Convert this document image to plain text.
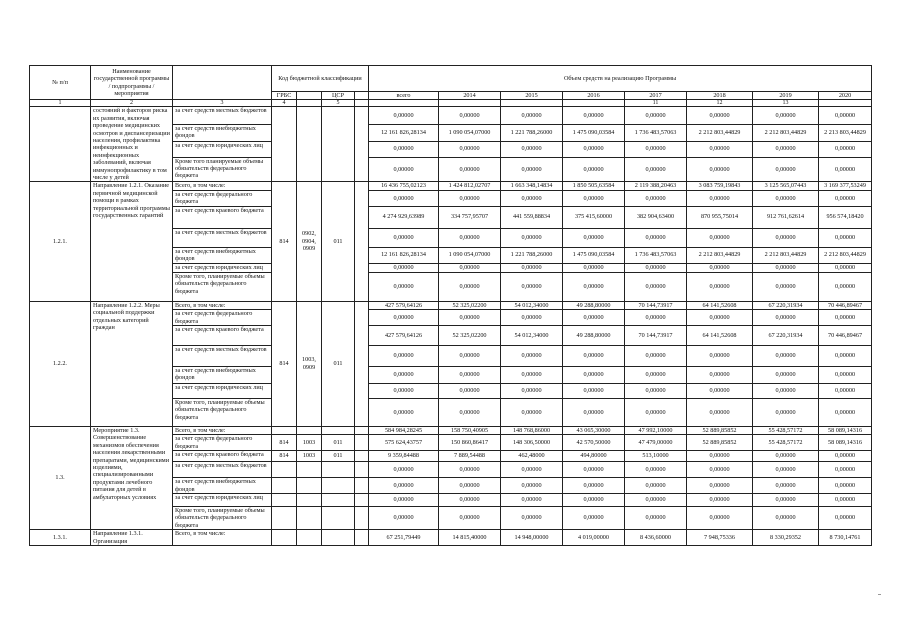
№ п/п	Наименование государственной программы / подпрограммы / мероприятия		Код бюджетной классификации				Объем средств на реализацию Программы							
			ГРБС		ЦСР		всего	2014	2015	2016	2017	2018	2019	2020
1	2	3	4		5						11	12	13	
	состояний и факторов риска их развития, включая проведение медицинских осмотров и диспансеризации населения, профилактика инфекционных и неинфекционных заболеваний, включая иммунопрофилактику в том числе у детей	за счет средств местных бюджетов					0,00000	0,00000	0,00000	0,00000	0,00000	0,00000	0,00000	0,00000
		за счет средств внебюджетных фондов					12 161 826,28134	1 090 054,07000	1 221 788,26000	1 475 090,03584	1 736 483,57063	2 212 803,44829	2 212 803,44829	2 213 803,44829
		за счет средств юридических лиц					0,00000	0,00000	0,00000	0,00000	0,00000	0,00000	0,00000	0,00000
		Кроме того планируемые объемы обязательств федерального бюджета					0,00000	0,00000	0,00000	0,00000	0,00000	0,00000	0,00000	0,00000
1.2.1.	Направление 1.2.1. Оказание первичной медицинской помощи в рамках территориальной программы государственных гарантий	Всего, в том числе:	814	0902, 0904, 0909	011		16 436 755,02123	1 424 812,02707	1 663 348,14834	1 850 505,63584	2 119 388,20463	3 083 759,19843	3 125 565,07443	3 169 377,53249
		за счет средств федерального бюджета					0,00000	0,00000	0,00000	0,00000	0,00000	0,00000	0,00000	0,00000
		за счет средств краевого бюджета					4 274 929,63989	334 757,95707	441 559,88834	375 415,60000	382 904,63400	870 955,75014	912 761,62614	956 574,18420
		за счет средств местных бюджетов					0,00000	0,00000	0,00000	0,00000	0,00000	0,00000	0,00000	0,00000
		за счет средств внебюджетных фондов					12 161 826,28134	1 090 054,07000	1 221 788,26000	1 475 090,03584	1 736 483,57063	2 212 803,44829	2 212 803,44829	2 212 803,44829
		за счет средств юридических лиц					0,00000	0,00000	0,00000	0,00000	0,00000	0,00000	0,00000	0,00000
		Кроме того, планируемые объемы обязательств федерального бюджета					0,00000	0,00000	0,00000	0,00000	0,00000	0,00000	0,00000	0,00000
1.2.2.	Направление 1.2.2. Меры социальной поддержки отдельных категорий граждан	Всего, в том числе:	814	1003, 0909	011		427 579,64126	52 325,02200	54 012,34000	49 288,80000	70 144,73917	64 141,52608	67 220,31934	70 446,89467
		за счет средств федерального бюджета					0,00000	0,00000	0,00000	0,00000	0,00000	0,00000	0,00000	0,00000
		за счет средств краевого бюджета					427 579,64126	52 325,02200	54 012,34000	49 288,80000	70 144,73917	64 141,52608	67 220,31934	70 446,89467
		за счет средств местных бюджетов					0,00000	0,00000	0,00000	0,00000	0,00000	0,00000	0,00000	0,00000
		за счет средств внебюджетных фондов					0,00000	0,00000	0,00000	0,00000	0,00000	0,00000	0,00000	0,00000
		за счет средств юридических лиц					0,00000	0,00000	0,00000	0,00000	0,00000	0,00000	0,00000	0,00000
		Кроме того, планируемые объемы обязательств федерального бюджета					0,00000	0,00000	0,00000	0,00000	0,00000	0,00000	0,00000	0,00000
1.3.	Мероприятие 1.3. Совершенствование механизмов обеспечения населения лекарственными препаратами, медицинскими изделиями, специализированными продуктами лечебного питания для детей в амбулаторных условиях	Всего, в том числе:					584 984,28245	158 750,40905	148 768,86000	43 065,30000	47 992,10000	52 889,85852	55 428,57172	58 089,14316
		за счет средств федерального бюджета	814	1003	011		575 624,43757	150 860,86417	148 306,50000	42 570,50000	47 479,00000	52 889,85852	55 428,57172	58 089,14316
		за счет средств краевого бюджета	814	1003	011		9 359,84488	7 889,54488	462,48000	494,80000	513,10000	0,00000	0,00000	0,00000
		за счет средств местных бюджетов					0,00000	0,00000	0,00000	0,00000	0,00000	0,00000	0,00000	0,00000
		за счет средств внебюджетных фондов					0,00000	0,00000	0,00000	0,00000	0,00000	0,00000	0,00000	0,00000
		за счет средств юридических лиц					0,00000	0,00000	0,00000	0,00000	0,00000	0,00000	0,00000	0,00000
		Кроме того, планируемые объемы обязательств федерального бюджета					0,00000	0,00000	0,00000	0,00000	0,00000	0,00000	0,00000	0,00000
1.3.1.	Направление 1.3.1. Организация	Всего, в том числе:					67 251,79449	14 815,40000	14 948,00000	4 019,00000	8 436,60000	7 948,75336	8 330,29352	8 730,14761
